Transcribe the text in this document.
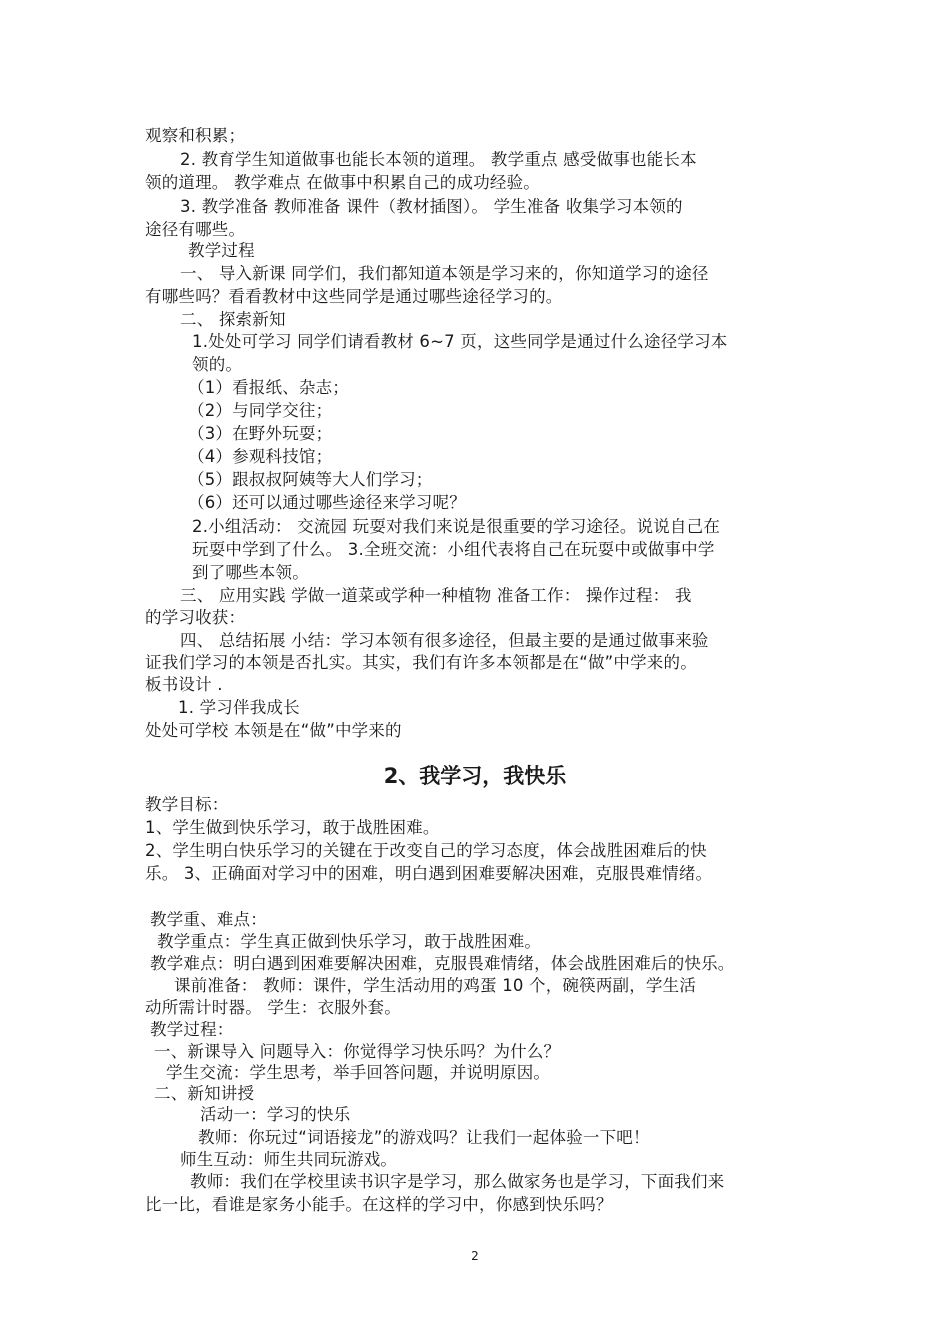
观察和积累；
2. 教育学生知道做事也能长本领的道理。 教学重点 感受做事也能长本
领的道理。 教学难点 在做事中积累自己的成功经验。
3. 教学准备 教师准备 课件（教材插图）。 学生准备 收集学习本领的
途径有哪些。
教学过程
一、 导入新课 同学们，我们都知道本领是学习来的，你知道学习的途径
有哪些吗？看看教材中这些同学是通过哪些途径学习的。
二、 探索新知
1.处处可学习 同学们请看教材 6~7 页，这些同学是通过什么途径学习本
领的。
（1）看报纸、杂志；
（2）与同学交往；
（3）在野外玩耍；
（4）参观科技馆；
（5）跟叔叔阿姨等大人们学习；
（6）还可以通过哪些途径来学习呢？
2.小组活动： 交流园 玩耍对我们来说是很重要的学习途径。说说自己在
玩耍中学到了什么。 3.全班交流：小组代表将自己在玩耍中或做事中学
到了哪些本领。
三、 应用实践 学做一道菜或学种一种植物 准备工作： 操作过程： 我
的学习收获：
四、 总结拓展 小结：学习本领有很多途径，但最主要的是通过做事来验
证我们学习的本领是否扎实。其实，我们有许多本领都是在“做”中学来的。
板书设计 .
1. 学习伴我成长
处处可学校 本领是在“做”中学来的
2、我学习，我快乐
教学目标：
1、学生做到快乐学习，敢于战胜困难。
2、学生明白快乐学习的关键在于改变自己的学习态度，体会战胜困难后的快
乐。 3、正确面对学习中的困难，明白遇到困难要解决困难，克服畏难情绪。
教学重、难点：
教学重点：学生真正做到快乐学习，敢于战胜困难。
教学难点：明白遇到困难要解决困难，克服畏难情绪，体会战胜困难后的快乐。
课前准备： 教师：课件，学生活动用的鸡蛋 10 个，碗筷两副，学生活
动所需计时器。 学生：衣服外套。
教学过程：
一、新课导入 问题导入：你觉得学习快乐吗？为什么？
学生交流：学生思考，举手回答问题，并说明原因。
二、新知讲授
活动一：学习的快乐
教师：你玩过“词语接龙”的游戏吗？让我们一起体验一下吧！
师生互动：师生共同玩游戏。
教师：我们在学校里读书识字是学习，那么做家务也是学习，下面我们来
比一比，看谁是家务小能手。在这样的学习中，你感到快乐吗？
2
